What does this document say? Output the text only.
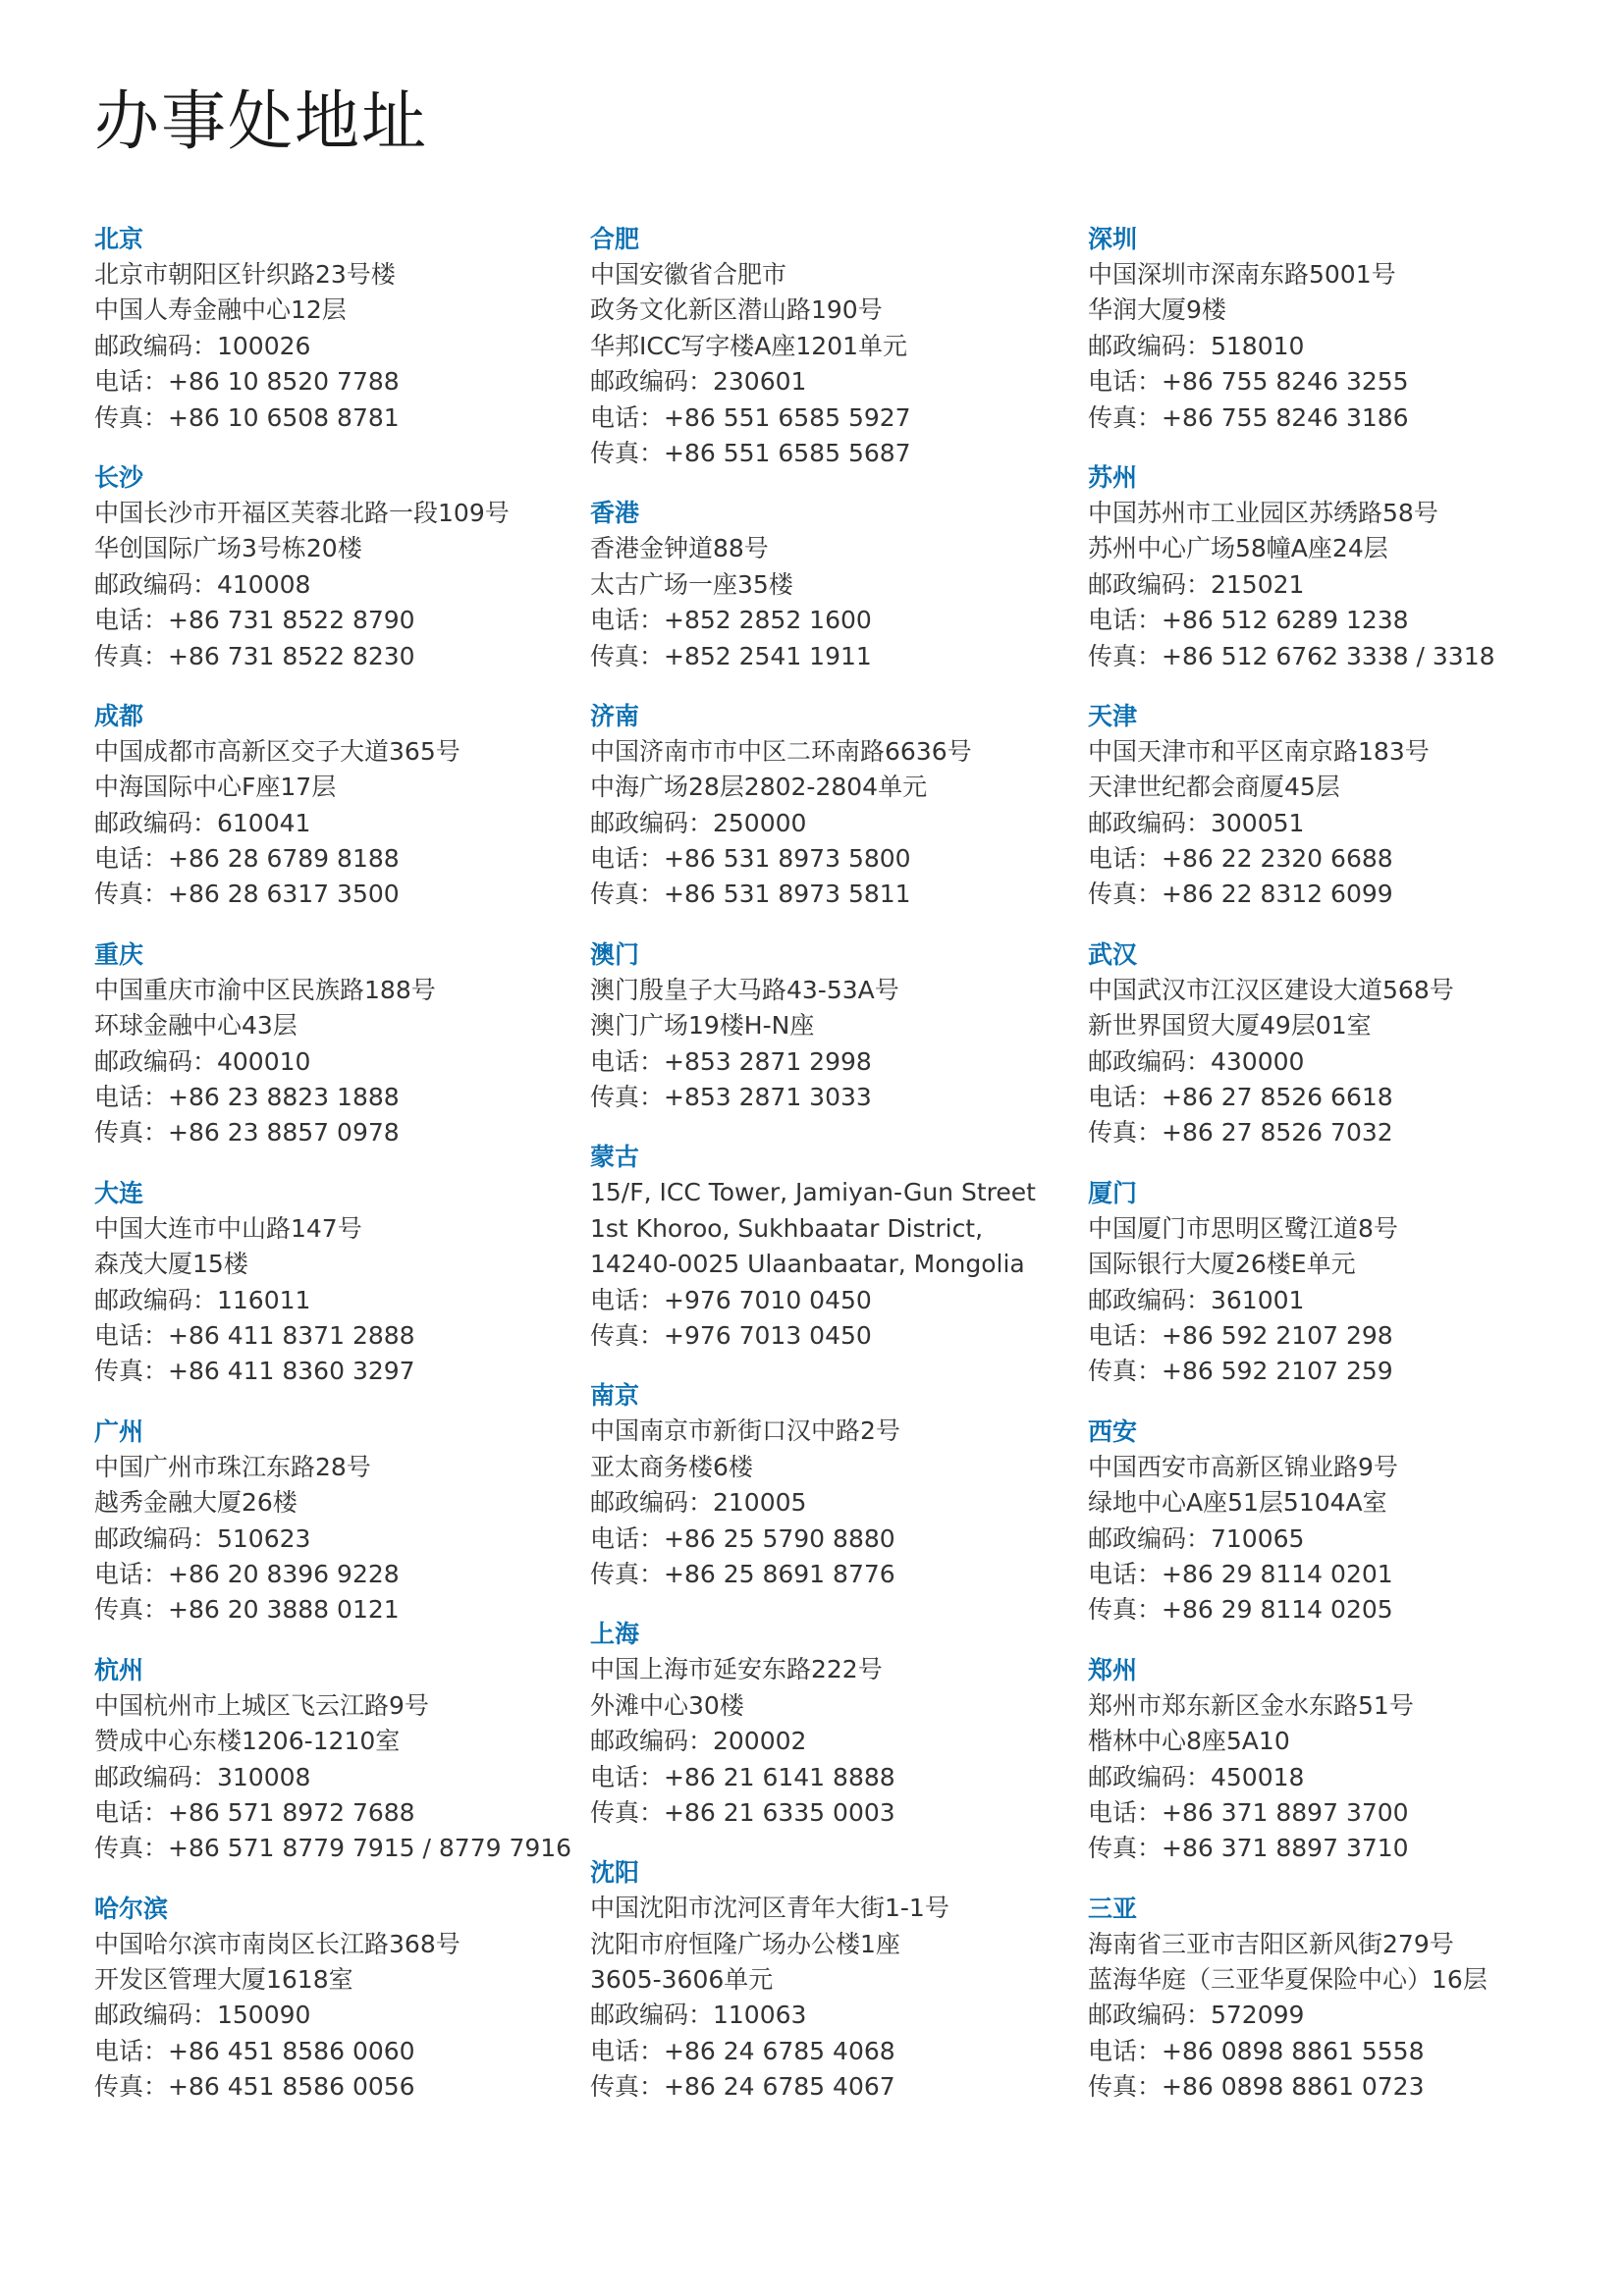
办事处地址
北京
北京市朝阳区针织路23号楼
中国人寿金融中心12层
邮政编码：100026
电话：+86 10 8520 7788
传真：+86 10 6508 8781
长沙
中国长沙市开福区芙蓉北路一段109号
华创国际广场3号栋20楼
邮政编码：410008
电话：+86 731 8522 8790
传真：+86 731 8522 8230
成都
中国成都市高新区交子大道365号
中海国际中心F座17层
邮政编码：610041
电话：+86 28 6789 8188
传真：+86 28 6317 3500
重庆
中国重庆市渝中区民族路188号
环球金融中心43层
邮政编码：400010
电话：+86 23 8823 1888
传真：+86 23 8857 0978
大连
中国大连市中山路147号
森茂大厦15楼
邮政编码：116011
电话：+86 411 8371 2888
传真：+86 411 8360 3297
广州
中国广州市珠江东路28号
越秀金融大厦26楼
邮政编码：510623
电话：+86 20 8396 9228
传真：+86 20 3888 0121
杭州
中国杭州市上城区飞云江路9号
赞成中心东楼1206-1210室
邮政编码：310008
电话：+86 571 8972 7688
传真：+86 571 8779 7915 / 8779 7916
哈尔滨
中国哈尔滨市南岗区长江路368号
开发区管理大厦1618室
邮政编码：150090
电话：+86 451 8586 0060
传真：+86 451 8586 0056
合肥
中国安徽省合肥市
政务文化新区潜山路190号
华邦ICC写字楼A座1201单元
邮政编码：230601
电话：+86 551 6585 5927
传真：+86 551 6585 5687
香港
香港金钟道88号
太古广场一座35楼
电话：+852 2852 1600
传真：+852 2541 1911
济南
中国济南市市中区二环南路6636号
中海广场28层2802-2804单元
邮政编码：250000
电话：+86 531 8973 5800
传真：+86 531 8973 5811
澳门
澳门殷皇子大马路43-53A号
澳门广场19楼H-N座
电话：+853 2871 2998
传真：+853 2871 3033
蒙古
15/F, ICC Tower, Jamiyan-Gun Street
1st Khoroo, Sukhbaatar District,
14240-0025 Ulaanbaatar, Mongolia
电话：+976 7010 0450
传真：+976 7013 0450
南京
中国南京市新街口汉中路2号
亚太商务楼6楼
邮政编码：210005
电话：+86 25 5790 8880
传真：+86 25 8691 8776
上海
中国上海市延安东路222号
外滩中心30楼
邮政编码：200002
电话：+86 21 6141 8888
传真：+86 21 6335 0003
沈阳
中国沈阳市沈河区青年大街1-1号
沈阳市府恒隆广场办公楼1座
3605-3606单元
邮政编码：110063
电话：+86 24 6785 4068
传真：+86 24 6785 4067
深圳
中国深圳市深南东路5001号
华润大厦9楼
邮政编码：518010
电话：+86 755 8246 3255
传真：+86 755 8246 3186
苏州
中国苏州市工业园区苏绣路58号
苏州中心广场58幢A座24层
邮政编码：215021
电话：+86 512 6289 1238
传真：+86 512 6762 3338 / 3318
天津
中国天津市和平区南京路183号
天津世纪都会商厦45层
邮政编码：300051
电话：+86 22 2320 6688
传真：+86 22 8312 6099
武汉
中国武汉市江汉区建设大道568号
新世界国贸大厦49层01室
邮政编码：430000
电话：+86 27 8526 6618
传真：+86 27 8526 7032
厦门
中国厦门市思明区鹭江道8号
国际银行大厦26楼E单元
邮政编码：361001
电话：+86 592 2107 298
传真：+86 592 2107 259
西安
中国西安市高新区锦业路9号
绿地中心A座51层5104A室
邮政编码：710065
电话：+86 29 8114 0201
传真：+86 29 8114 0205
郑州
郑州市郑东新区金水东路51号
楷林中心8座5A10
邮政编码：450018
电话：+86 371 8897 3700
传真：+86 371 8897 3710
三亚
海南省三亚市吉阳区新风街279号
蓝海华庭（三亚华夏保险中心）16层
邮政编码：572099
电话：+86 0898 8861 5558
传真：+86 0898 8861 0723
